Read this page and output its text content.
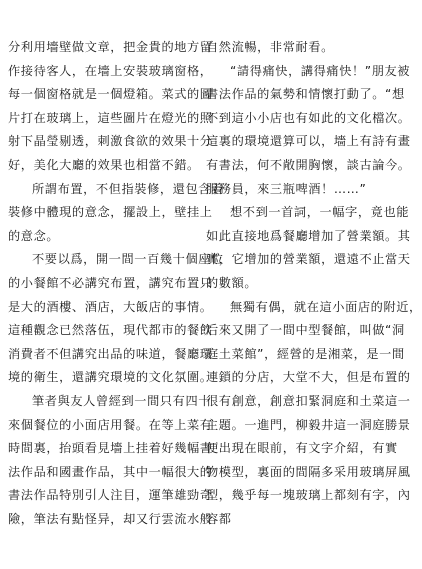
分利用墻壁做文章，把金貴的地方留
作接待客人，在墻上安裝玻璃窗格，
每一個窗格就是一個燈箱。菜式的圖
片打在玻璃上，這些圖片在燈光的照
射下晶瑩剔透，刺激食欲的效果十分
好，美化大廳的效果也相當不錯。
所謂布置，不但指裝修，還包含着
裝修中體現的意念，擺設上，壁挂上
的意念。
不要以爲，開一間一百幾十個座位
的小餐館不必講究布置，講究布置只
是大的酒樓、酒店，大飯店的事情。
這種觀念已然落伍，現代都市的餐飲
消費者不但講究出品的味道，餐廳環
境的衛生，還講究環境的文化氛圍。
筆者與友人曾經到一間只有四十
來個餐位的小面店用餐。在等上菜有
時間裏，抬頭看見墻上挂着好幾幅書
法作品和國畫作品，其中一幅很大的
書法作品特別引人注目，運筆雄勁奇
險，筆法有點怪异，却又行雲流水般
自然流暢，非常耐看。
“請得痛快，講得痛快！”朋友被
書法作品的氣勢和情懷打動了。“想
不到這小小店也有如此的文化檔次。
這裏的環境還算可以，墻上有詩有畫
有書法，何不敞開胸懷，談古論今。
服務員，來三瓶啤酒！……”
想不到一首詞，一幅字，竟也能
如此直接地爲餐廳增加了營業額。其
實，它增加的營業額，還遠不止當天
的數額。
無獨有偶，就在這小面店的附近，
后來又開了一間中型餐館，叫做“洞
庭土菜館”，經營的是湘菜，是一間
連鎖的分店，大堂不大，但是布置的
很有創意，創意扣緊洞庭和土菜這一
主題。一進門，柳毅井這一洞庭勝景
便出現在眼前，有文字介紹，有實
物模型，裏面的間隔多采用玻璃屏風
型，幾乎每一塊玻璃上都刻有字，內
容都
